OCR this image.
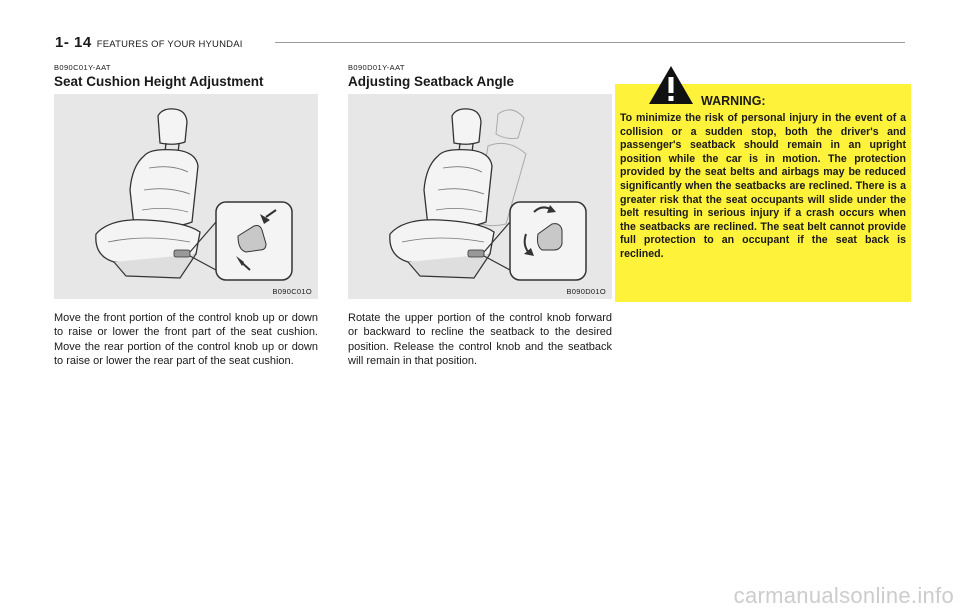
1- 14 FEATURES OF YOUR HYUNDAI
B090C01Y-AAT
Seat Cushion Height Adjustment
B090C01O
Move the front portion of the control knob up or down to raise or lower the front part of the seat cushion. Move the rear portion of the control knob up or down to raise or lower the rear part of the seat cushion.
B090D01Y-AAT
Adjusting Seatback Angle
B090D01O
Rotate the upper portion of the control knob forward or backward to recline the seatback to the desired position. Release the control knob and the seatback will remain in that position.
WARNING:
To minimize the risk of personal injury in the event of a collision or a sudden stop, both the driver's and passenger's seatback should remain in an upright position while the car is in motion. The protection provided by the seat belts and airbags may be reduced significantly when the seatbacks are reclined. There is a greater risk that the seat occupants will slide under the belt resulting in serious injury if a crash occurs when the seatbacks are reclined. The seat belt cannot provide full protection to an occupant if the seat back is reclined.
carmanualsonline.info
